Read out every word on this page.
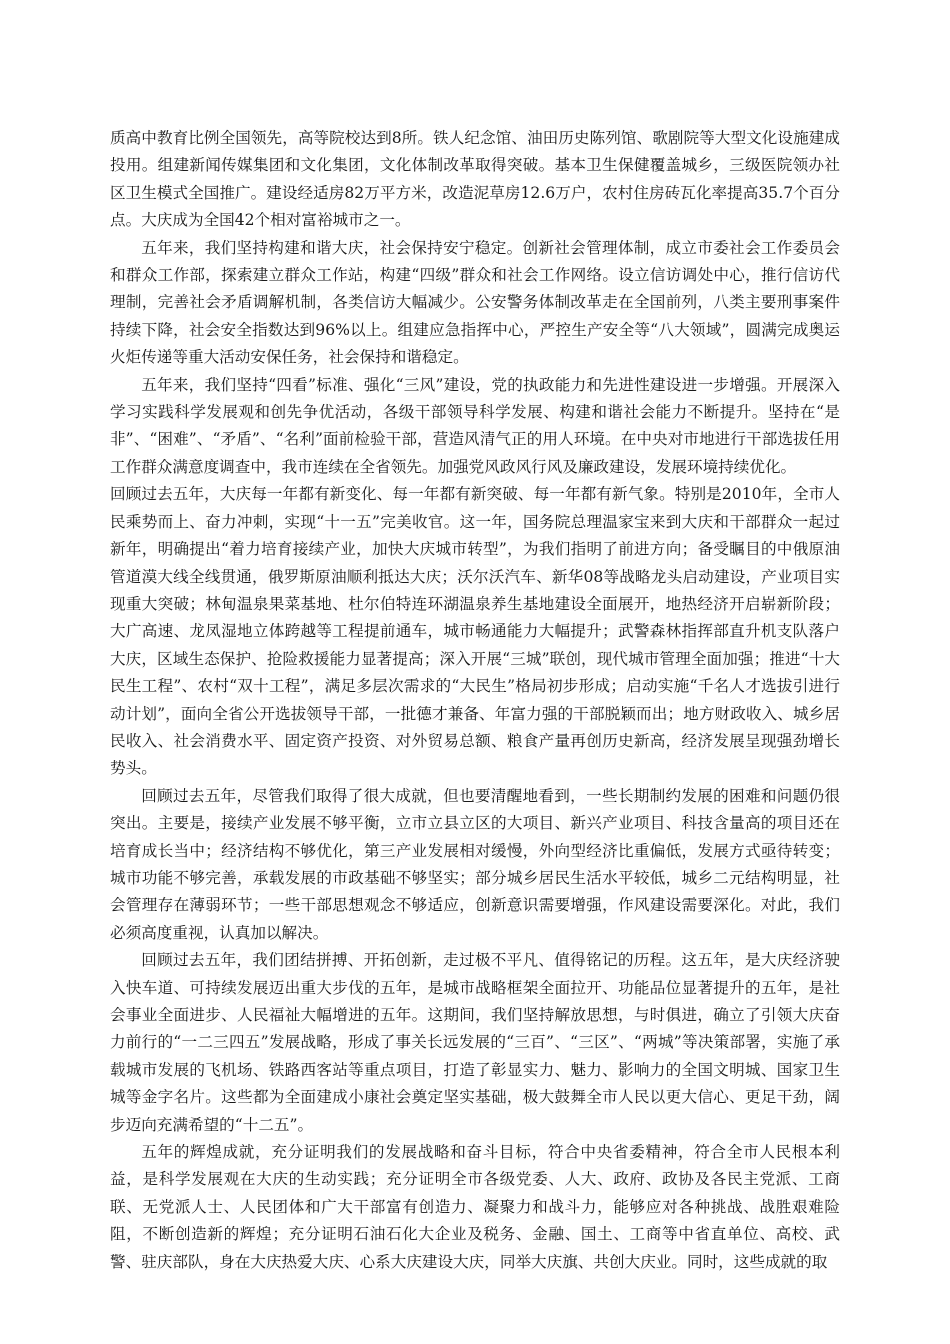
质高中教育比例全国领先，高等院校达到8所。铁人纪念馆、油田历史陈列馆、歌剧院等大型文化设施建成投用。组建新闻传媒集团和文化集团，文化体制改革取得突破。基本卫生保健覆盖城乡，三级医院领办社区卫生模式全国推广。建设经适房82万平方米，改造泥草房12.6万户，农村住房砖瓦化率提高35.7个百分点。大庆成为全国42个相对富裕城市之一。

五年来，我们坚持构建和谐大庆，社会保持安宁稳定。创新社会管理体制，成立市委社会工作委员会和群众工作部，探索建立群众工作站，构建“四级”群众和社会工作网络。设立信访调处中心，推行信访代理制，完善社会矛盾调解机制，各类信访大幅减少。公安警务体制改革走在全国前列，八类主要刑事案件持续下降，社会安全指数达到96%以上。组建应急指挥中心，严控生产安全等“八大领域”，圆满完成奥运火炬传递等重大活动安保任务，社会保持和谐稳定。

五年来，我们坚持“四看”标准、强化“三风”建设，党的执政能力和先进性建设进一步增强。开展深入学习实践科学发展观和创先争优活动，各级干部领导科学发展、构建和谐社会能力不断提升。坚持在“是非”、“困难”、“矛盾”、“名利”面前检验干部，营造风清气正的用人环境。在中央对市地进行干部选拔任用工作群众满意度调查中，我市连续在全省领先。加强党风政风行风及廉政建设，发展环境持续优化。

回顾过去五年，大庆每一年都有新变化、每一年都有新突破、每一年都有新气象。特别是2010年，全市人民乘势而上、奋力冲刺，实现“十一五”完美收官。这一年，国务院总理温家宝来到大庆和干部群众一起过新年，明确提出“着力培育接续产业，加快大庆城市转型”，为我们指明了前进方向；备受瞩目的中俄原油管道漠大线全线贯通，俄罗斯原油顺利抵达大庆；沃尔沃汽车、新华08等战略龙头启动建设，产业项目实现重大突破；林甸温泉果菜基地、杜尔伯特连环湖温泉养生基地建设全面展开，地热经济开启崭新阶段；大广高速、龙凤湿地立体跨越等工程提前通车，城市畅通能力大幅提升；武警森林指挥部直升机支队落户大庆，区域生态保护、抢险救援能力显著提高；深入开展“三城”联创，现代城市管理全面加强；推进“十大民生工程”、农村“双十工程”，满足多层次需求的“大民生”格局初步形成；启动实施“千名人才选拔引进行动计划”，面向全省公开选拔领导干部，一批德才兼备、年富力强的干部脱颖而出；地方财政收入、城乡居民收入、社会消费水平、固定资产投资、对外贸易总额、粮食产量再创历史新高，经济发展呈现强劲增长势头。

回顾过去五年，尽管我们取得了很大成就，但也要清醒地看到，一些长期制约发展的困难和问题仍很突出。主要是，接续产业发展不够平衡，立市立县立区的大项目、新兴产业项目、科技含量高的项目还在培育成长当中；经济结构不够优化，第三产业发展相对缓慢，外向型经济比重偏低，发展方式亟待转变；城市功能不够完善，承载发展的市政基础不够坚实；部分城乡居民生活水平较低，城乡二元结构明显，社会管理存在薄弱环节；一些干部思想观念不够适应，创新意识需要增强，作风建设需要深化。对此，我们必须高度重视，认真加以解决。

回顾过去五年，我们团结拼搏、开拓创新，走过极不平凡、值得铭记的历程。这五年，是大庆经济驶入快车道、可持续发展迈出重大步伐的五年，是城市战略框架全面拉开、功能品位显著提升的五年，是社会事业全面进步、人民福祉大幅增进的五年。这期间，我们坚持解放思想，与时俱进，确立了引领大庆奋力前行的“一二三四五”发展战略，形成了事关长远发展的“三百”、“三区”、“两城”等决策部署，实施了承载城市发展的飞机场、铁路西客站等重点项目，打造了彰显实力、魅力、影响力的全国文明城、国家卫生城等金字名片。这些都为全面建成小康社会奠定坚实基础，极大鼓舞全市人民以更大信心、更足干劲，阔步迈向充满希望的“十二五”。

五年的辉煌成就，充分证明我们的发展战略和奋斗目标，符合中央省委精神，符合全市人民根本利益，是科学发展观在大庆的生动实践；充分证明全市各级党委、人大、政府、政协及各民主党派、工商联、无党派人士、人民团体和广大干部富有创造力、凝聚力和战斗力，能够应对各种挑战、战胜艰难险阻，不断创造新的辉煌；充分证明石油石化大企业及税务、金融、国土、工商等中省直单位、高校、武警、驻庆部队，身在大庆热爱大庆、心系大庆建设大庆，同举大庆旗、共创大庆业。同时，这些成就的取
